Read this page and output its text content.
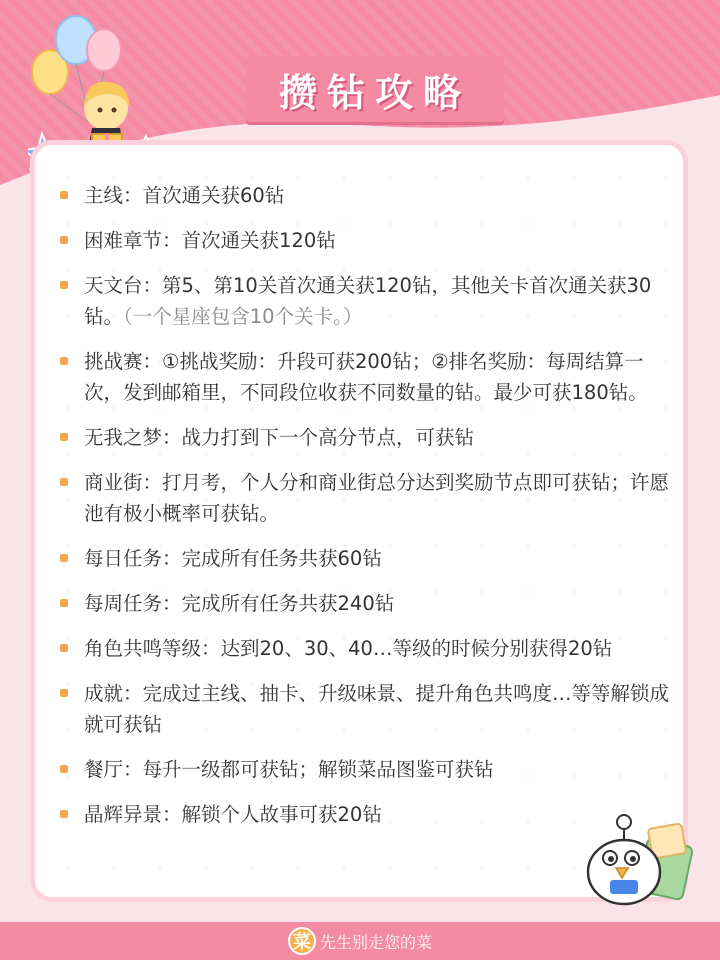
攒钻攻略
主线：首次通关获60钻
困难章节：首次通关获120钻
天文台：第5、第10关首次通关获120钻，其他关卡首次通关获30钻。（一个星座包含10个关卡。）
挑战赛：①挑战奖励：升段可获200钻；②排名奖励：每周结算一次，发到邮箱里，不同段位收获不同数量的钻。最少可获180钻。
无我之梦：战力打到下一个高分节点，可获钻
商业街：打月考，个人分和商业街总分达到奖励节点即可获钻；许愿池有极小概率可获钻。
每日任务：完成所有任务共获60钻
每周任务：完成所有任务共获240钻
角色共鸣等级：达到20、30、40…等级的时候分别获得20钻
成就：完成过主线、抽卡、升级味景、提升角色共鸣度…等等解锁成就可获钻
餐厅：每升一级都可获钻；解锁菜品图鉴可获钻
晶辉异景：解锁个人故事可获20钻
菜 先生别走您的菜
